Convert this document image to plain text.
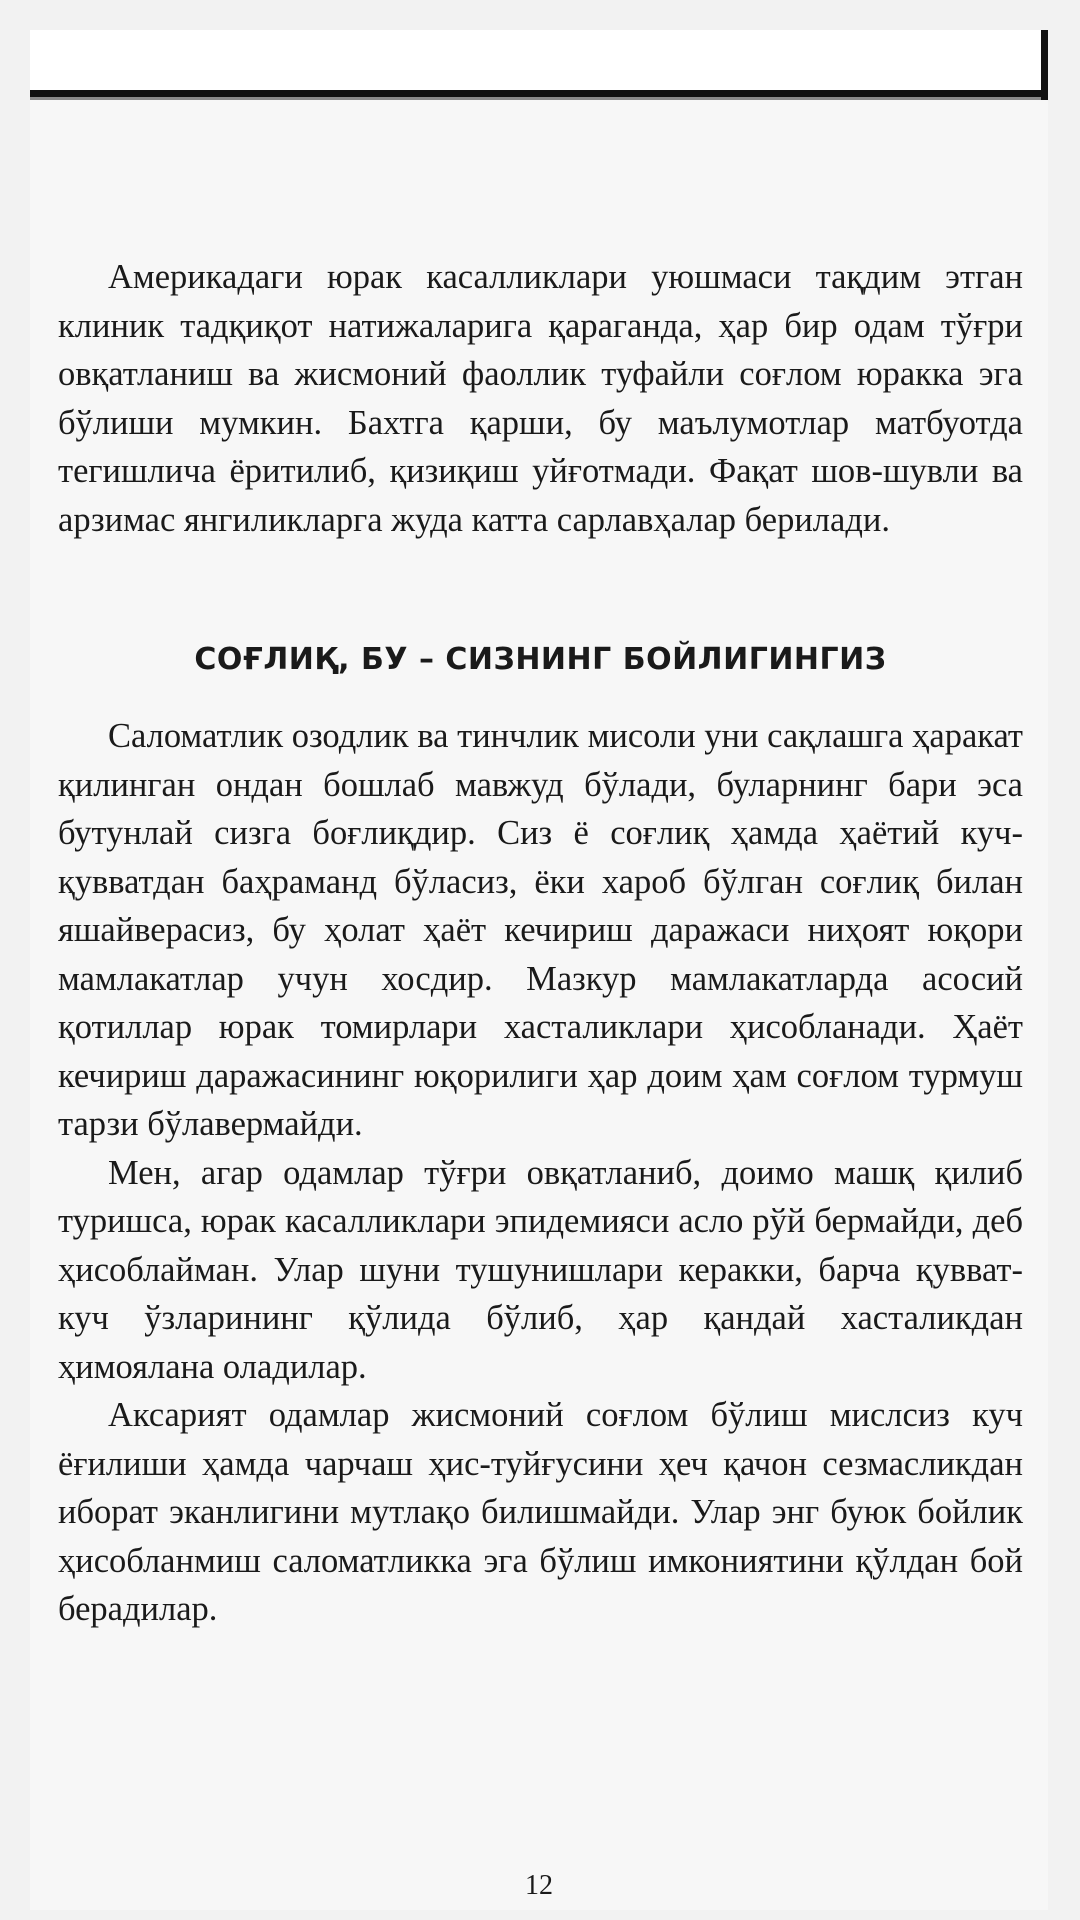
Америкадаги юрак касалликлари уюшмаси тақдим этган клиник тадқиқот натижаларига қараганда, ҳар бир одам тўғри овқатланиш ва жисмоний фаоллик туфайли соғлом юракка эга бўлиши мумкин. Бахтга қарши, бу маълумотлар матбуотда тегишлича ёритилиб, қизиқиш уйғотмади. Фақат шов-шувли ва арзимас янгиликларга жуда катта сарлавҳалар берилади.

СОҒЛИҚ, БУ – СИЗНИНГ БОЙЛИГИНГИЗ

Саломатлик озодлик ва тинчлик мисоли уни сақлашга ҳаракат қилинган ондан бошлаб мавжуд бўлади, буларнинг бари эса бутунлай сизга боғлиқдир. Сиз ё соғлиқ ҳамда ҳаётий куч-қувватдан баҳраманд бўласиз, ёки хароб бўлган соғлиқ билан яшайверасиз, бу ҳолат ҳаёт кечириш даражаси ниҳоят юқори мамлакатлар учун хосдир. Мазкур мамлакатларда асосий қотиллар юрак томирлари хасталиклари ҳисобланади. Ҳаёт кечириш даражасининг юқорилиги ҳар доим ҳам соғлом турмуш тарзи бўлавермайди.

Мен, агар одамлар тўғри овқатланиб, доимо машқ қилиб туришса, юрак касалликлари эпидемияси асло рўй бермайди, деб ҳисоблайман. Улар шуни тушунишлари керакки, барча қувват-куч ўзларининг қўлида бўлиб, ҳар қандай хасталикдан ҳимоялана оладилар.

Аксарият одамлар жисмоний соғлом бўлиш мислсиз куч ёғилиши ҳамда чарчаш ҳис-туйғусини ҳеч қачон сезмасликдан иборат эканлигини мутлақо билишмайди. Улар энг буюк бойлик ҳисобланмиш саломатликка эга бўлиш имкониятини қўлдан бой берадилар.

12
